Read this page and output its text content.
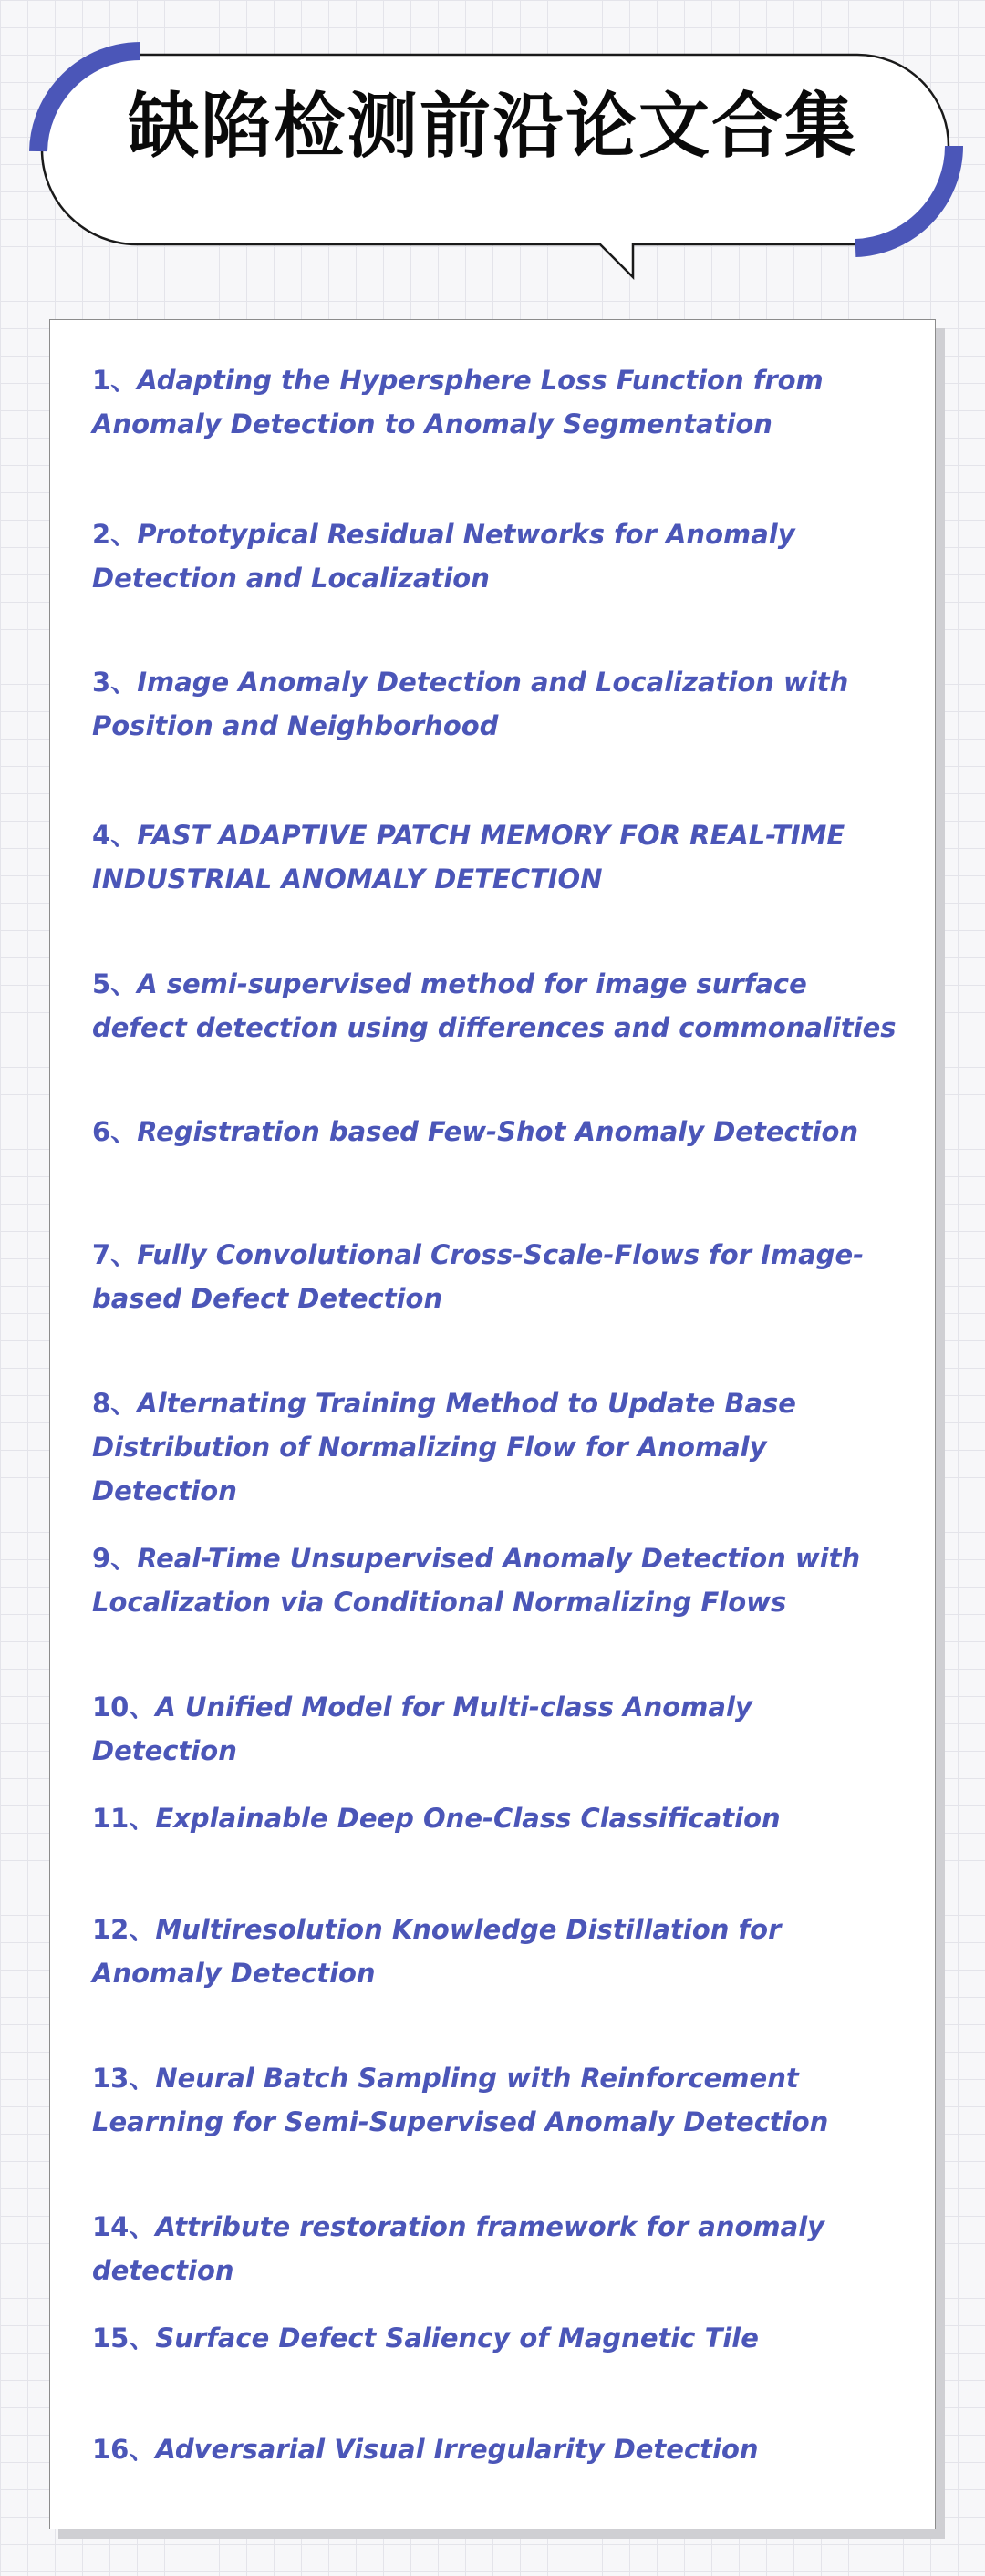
缺陷检测前沿论文合集
1、Adapting the Hypersphere Loss Function from Anomaly Detection to Anomaly Segmentation
2、Prototypical Residual Networks for Anomaly Detection and Localization
3、Image Anomaly Detection and Localization with Position and Neighborhood
4、FAST ADAPTIVE PATCH MEMORY FOR REAL-TIME INDUSTRIAL ANOMALY DETECTION
5、A semi-supervised method for image surface defect detection using differences and commonalities
6、Registration based Few-Shot Anomaly Detection
7、Fully Convolutional Cross-Scale-Flows for Image-based Defect Detection
8、Alternating Training Method to Update Base Distribution of Normalizing Flow for Anomaly Detection
9、Real-Time Unsupervised Anomaly Detection with Localization via Conditional Normalizing Flows
10、A Unified Model for Multi-class Anomaly Detection
11、Explainable Deep One-Class Classification
12、Multiresolution Knowledge Distillation for Anomaly Detection
13、Neural Batch Sampling with Reinforcement Learning for Semi-Supervised Anomaly Detection
14、Attribute restoration framework for anomaly detection
15、Surface Defect Saliency of Magnetic Tile
16、Adversarial Visual Irregularity Detection
